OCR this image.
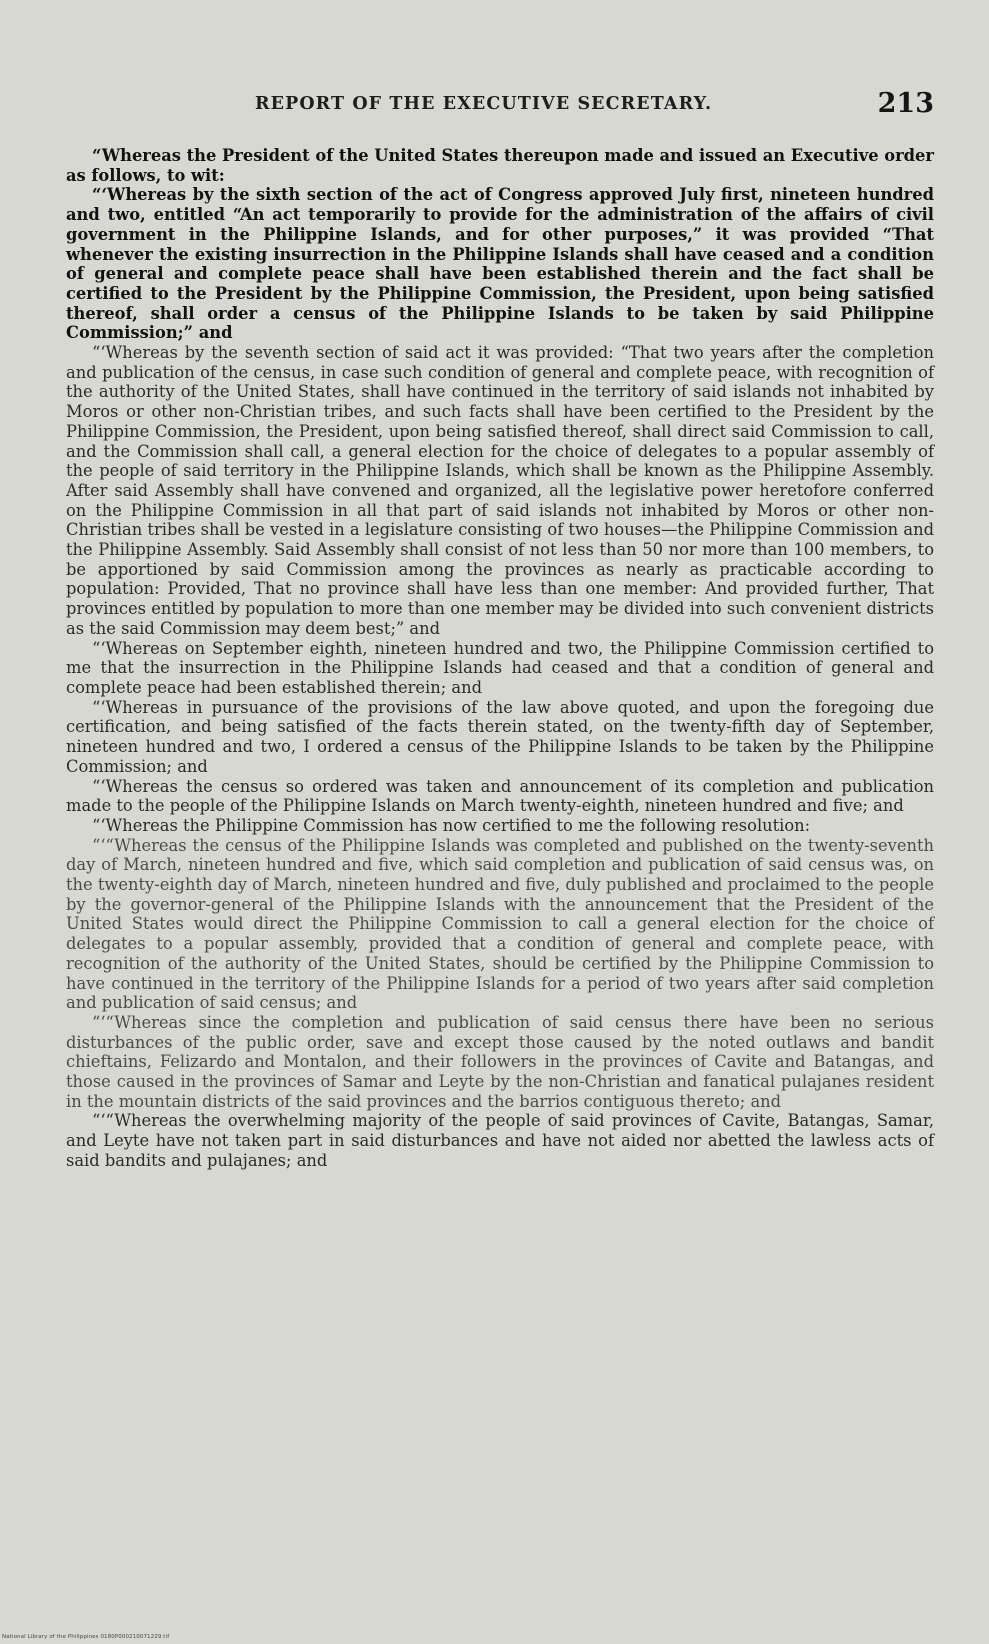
REPORT OF THE EXECUTIVE SECRETARY.	213

“Whereas the President of the United States thereupon made and issued an Executive order as follows, to wit:

“‘Whereas by the sixth section of the act of Congress approved July first, nineteen hundred and two, entitled “An act temporarily to provide for the administration of the affairs of civil government in the Philippine Islands, and for other purposes,” it was provided “That whenever the existing insurrection in the Philippine Islands shall have ceased and a condition of general and complete peace shall have been established therein and the fact shall be certified to the President by the Philippine Commission, the President, upon being satisfied thereof, shall order a census of the Philippine Islands to be taken by said Philippine Commission;” and

“‘Whereas by the seventh section of said act it was provided: “That two years after the completion and publication of the census, in case such condition of general and complete peace, with recognition of the authority of the United States, shall have continued in the territory of said islands not inhabited by Moros or other non-Christian tribes, and such facts shall have been certified to the President by the Philippine Commission, the President, upon being satisfied thereof, shall direct said Commission to call, and the Commission shall call, a general election for the choice of delegates to a popular assembly of the people of said territory in the Philippine Islands, which shall be known as the Philippine Assembly. After said Assembly shall have convened and organized, all the legislative power heretofore conferred on the Philippine Commission in all that part of said islands not inhabited by Moros or other non-Christian tribes shall be vested in a legislature consisting of two houses—the Philippine Commission and the Philippine Assembly. Said Assembly shall consist of not less than 50 nor more than 100 members, to be apportioned by said Commission among the provinces as nearly as practicable according to population: Provided, That no province shall have less than one member: And provided further, That provinces entitled by population to more than one member may be divided into such convenient districts as the said Commission may deem best;” and

“‘Whereas on September eighth, nineteen hundred and two, the Philippine Commission certified to me that the insurrection in the Philippine Islands had ceased and that a condition of general and complete peace had been established therein; and

“‘Whereas in pursuance of the provisions of the law above quoted, and upon the foregoing due certification, and being satisfied of the facts therein stated, on the twenty-fifth day of September, nineteen hundred and two, I ordered a census of the Philippine Islands to be taken by the Philippine Commission; and

“‘Whereas the census so ordered was taken and announcement of its completion and publication made to the people of the Philippine Islands on March twenty-eighth, nineteen hundred and five; and

“‘Whereas the Philippine Commission has now certified to me the following resolution:

“‘“Whereas the census of the Philippine Islands was completed and published on the twenty-seventh day of March, nineteen hundred and five, which said completion and publication of said census was, on the twenty-eighth day of March, nineteen hundred and five, duly published and proclaimed to the people by the governor-general of the Philippine Islands with the announcement that the President of the United States would direct the Philippine Commission to call a general election for the choice of delegates to a popular assembly, provided that a condition of general and complete peace, with recognition of the authority of the United States, should be certified by the Philippine Commission to have continued in the territory of the Philippine Islands for a period of two years after said completion and publication of said census; and

“‘“Whereas since the completion and publication of said census there have been no serious disturbances of the public order, save and except those caused by the noted outlaws and bandit chieftains, Felizardo and Montalon, and their followers in the provinces of Cavite and Batangas, and those caused in the provinces of Samar and Leyte by the non-Christian and fanatical pulajanes resident in the mountain districts of the said provinces and the barrios contiguous thereto; and

“‘“Whereas the overwhelming majority of the people of said provinces of Cavite, Batangas, Samar, and Leyte have not taken part in said disturbances and have not aided nor abetted the lawless acts of said bandits and pulajanes; and

National Library of the Philippines 0180P000210071229.tif
